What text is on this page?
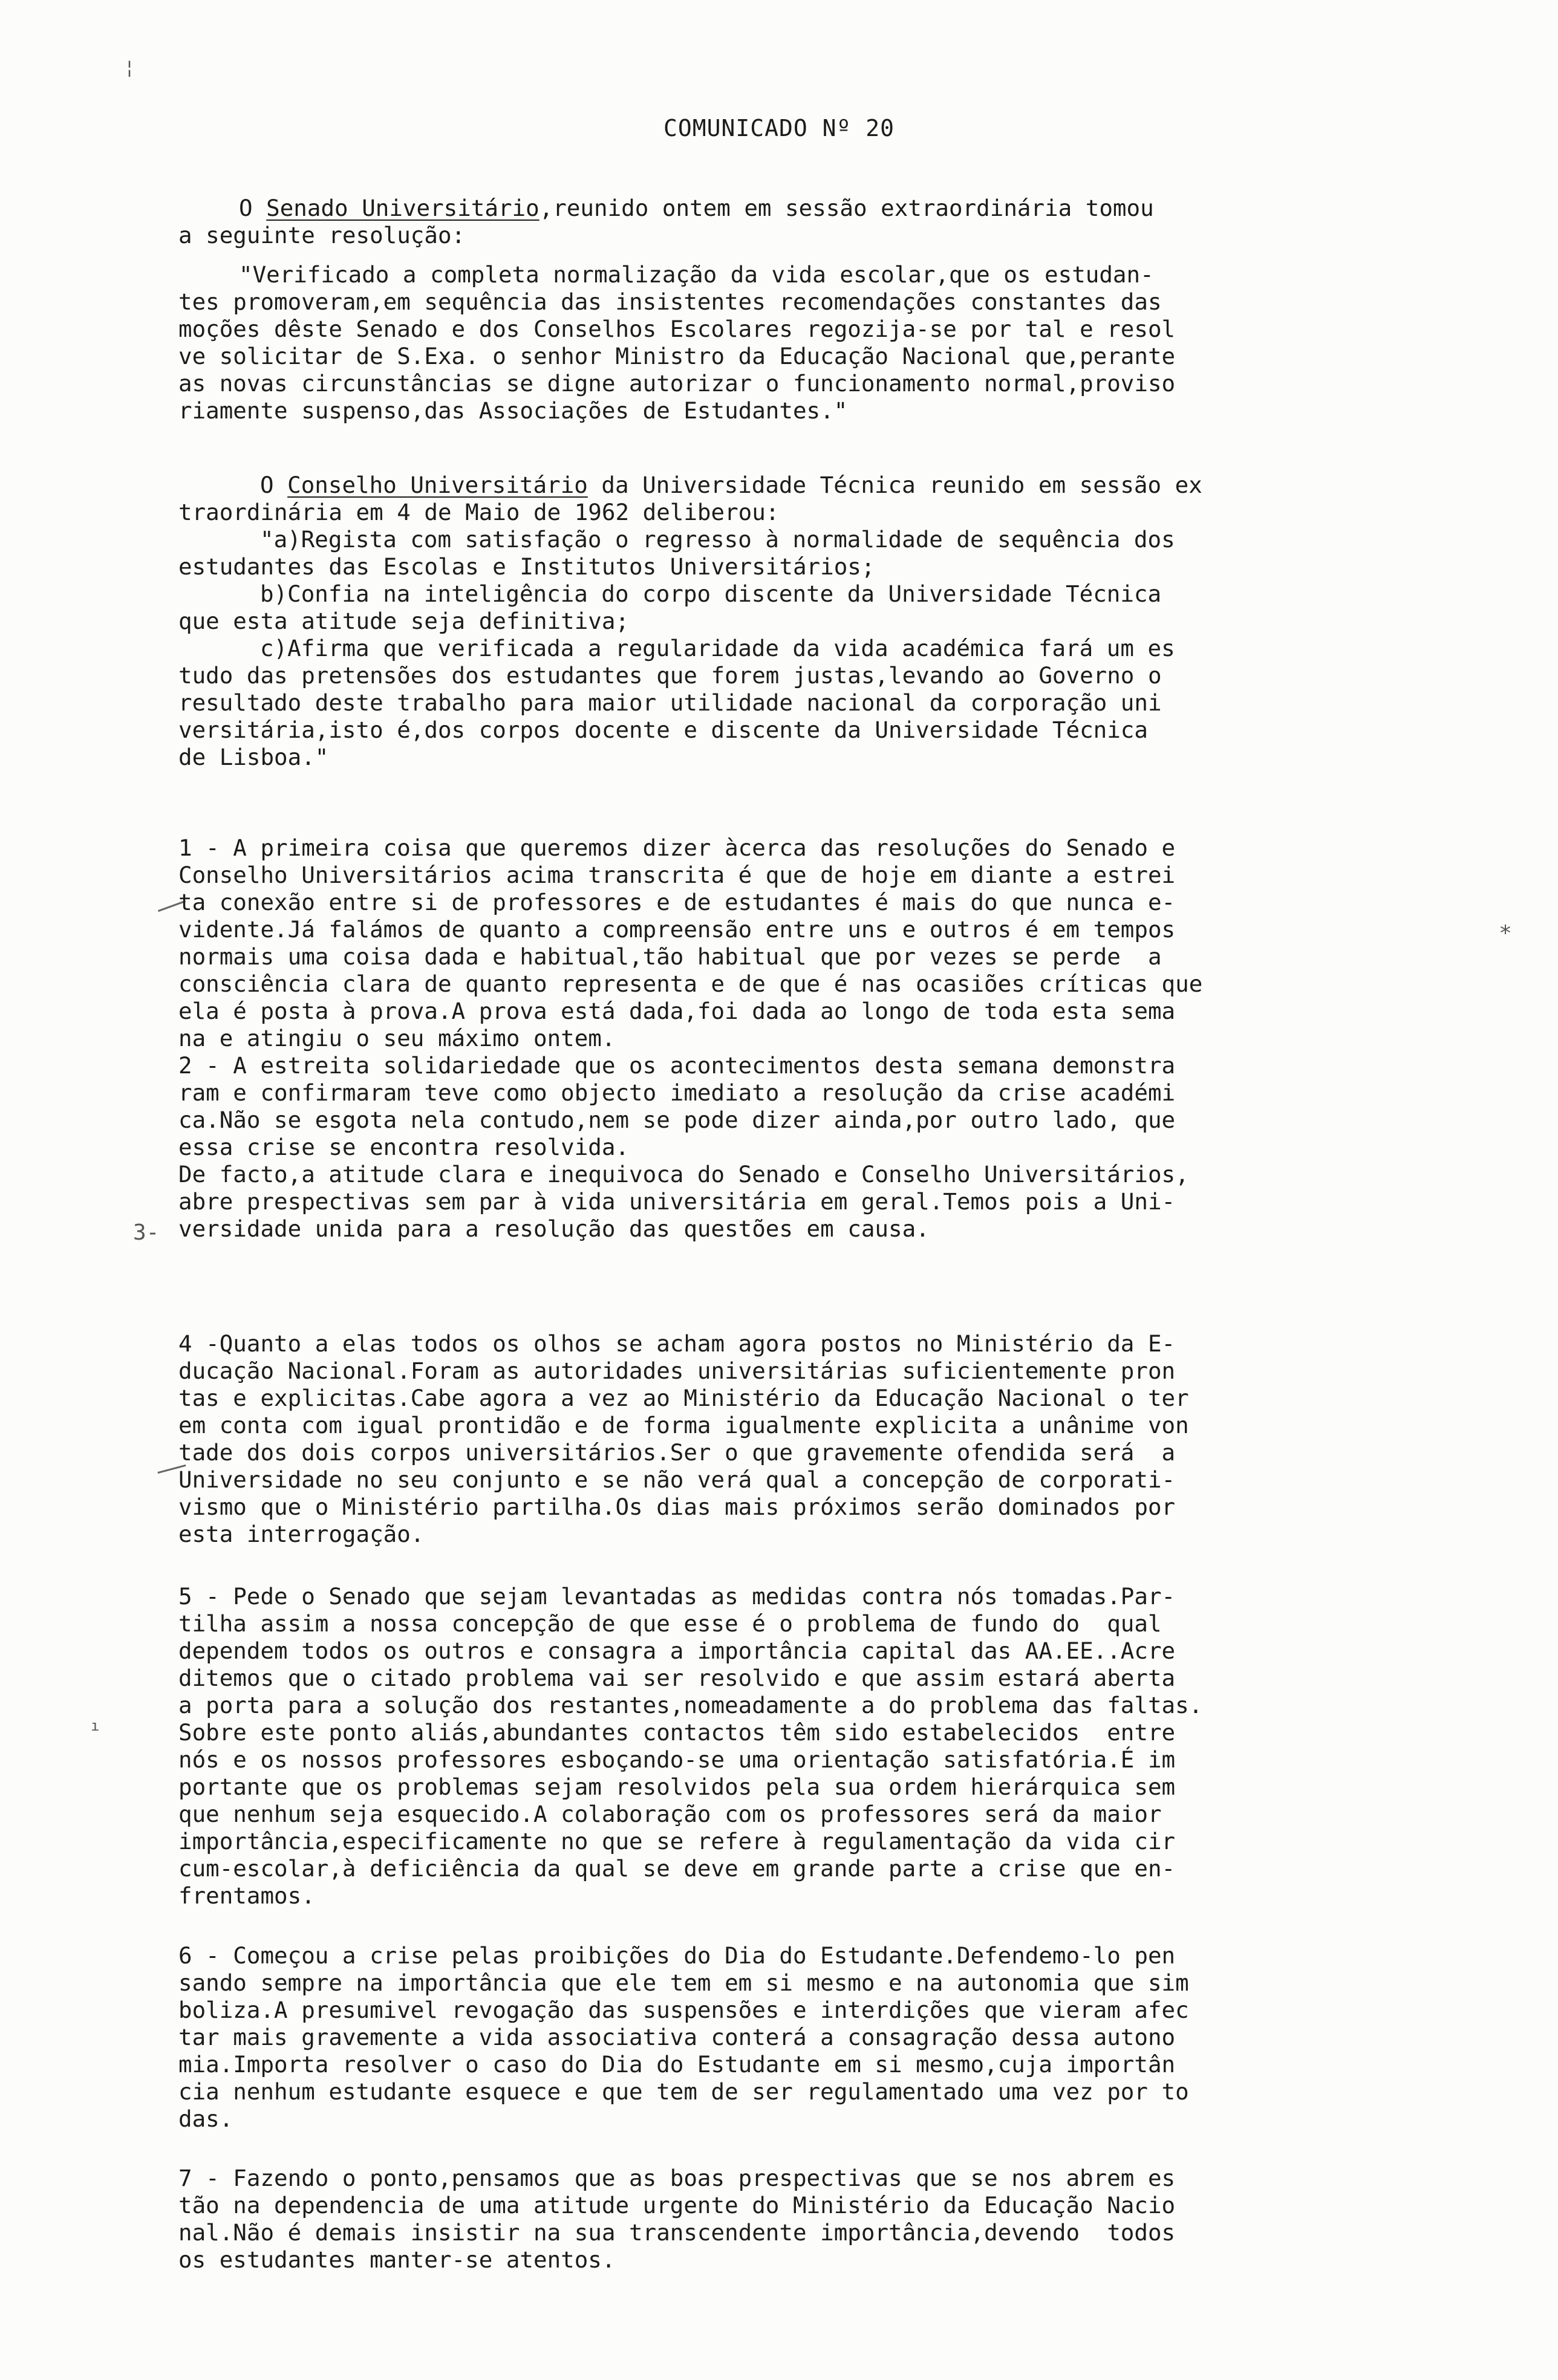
¦
3-
⁎
ı
COMUNICADO Nº 20
O Senado Universitário,reunido ontem em sessão extraordinária tomou
a seguinte resolução:
"Verificado a completa normalização da vida escolar,que os estudan-
tes promoveram,em sequência das insistentes recomendações constantes das
moções dêste Senado e dos Conselhos Escolares regozija-se por tal e resol
ve solicitar de S.Exa. o senhor Ministro da Educação Nacional que,perante
as novas circunstâncias se digne autorizar o funcionamento normal,proviso
riamente suspenso,das Associações de Estudantes."
O Conselho Universitário da Universidade Técnica reunido em sessão ex
traordinária em 4 de Maio de 1962 deliberou:
"a)Regista com satisfação o regresso à normalidade de sequência dos
estudantes das Escolas e Institutos Universitários;
b)Confia na inteligência do corpo discente da Universidade Técnica
que esta atitude seja definitiva;
c)Afirma que verificada a regularidade da vida académica fará um es
tudo das pretensões dos estudantes que forem justas,levando ao Governo o
resultado deste trabalho para maior utilidade nacional da corporação uni
versitária,isto é,dos corpos docente e discente da Universidade Técnica
de Lisboa."
1 - A primeira coisa que queremos dizer àcerca das resoluções do Senado e
Conselho Universitários acima transcrita é que de hoje em diante a estrei
ta conexão entre si de professores e de estudantes é mais do que nunca e-
vidente.Já falámos de quanto a compreensão entre uns e outros é em tempos
normais uma coisa dada e habitual,tão habitual que por vezes se perde  a
consciência clara de quanto representa e de que é nas ocasiões críticas que
ela é posta à prova.A prova está dada,foi dada ao longo de toda esta sema
na e atingiu o seu máximo ontem.
2 - A estreita solidariedade que os acontecimentos desta semana demonstra
ram e confirmaram teve como objecto imediato a resolução da crise académi
ca.Não se esgota nela contudo,nem se pode dizer ainda,por outro lado, que
essa crise se encontra resolvida.
De facto,a atitude clara e inequivoca do Senado e Conselho Universitários,
abre prespectivas sem par à vida universitária em geral.Temos pois a Uni-
versidade unida para a resolução das questões em causa.
4 -Quanto a elas todos os olhos se acham agora postos no Ministério da E-
ducação Nacional.Foram as autoridades universitárias suficientemente pron
tas e explicitas.Cabe agora a vez ao Ministério da Educação Nacional o ter
em conta com igual prontidão e de forma igualmente explicita a unânime von
tade dos dois corpos universitários.Ser o que gravemente ofendida será  a
Universidade no seu conjunto e se não verá qual a concepção de corporati-
vismo que o Ministério partilha.Os dias mais próximos serão dominados por
esta interrogação.
5 - Pede o Senado que sejam levantadas as medidas contra nós tomadas.Par-
tilha assim a nossa concepção de que esse é o problema de fundo do  qual
dependem todos os outros e consagra a importância capital das AA.EE..Acre
ditemos que o citado problema vai ser resolvido e que assim estará aberta
a porta para a solução dos restantes,nomeadamente a do problema das faltas.
Sobre este ponto aliás,abundantes contactos têm sido estabelecidos  entre
nós e os nossos professores esboçando-se uma orientação satisfatória.É im
portante que os problemas sejam resolvidos pela sua ordem hierárquica sem
que nenhum seja esquecido.A colaboração com os professores será da maior
importância,especificamente no que se refere à regulamentação da vida cir
cum-escolar,à deficiência da qual se deve em grande parte a crise que en-
frentamos.
6 - Começou a crise pelas proibições do Dia do Estudante.Defendemo-lo pen
sando sempre na importância que ele tem em si mesmo e na autonomia que sim
boliza.A presumivel revogação das suspensões e interdições que vieram afec
tar mais gravemente a vida associativa conterá a consagração dessa autono
mia.Importa resolver o caso do Dia do Estudante em si mesmo,cuja importân
cia nenhum estudante esquece e que tem de ser regulamentado uma vez por to
das.
7 - Fazendo o ponto,pensamos que as boas prespectivas que se nos abrem es
tão na dependencia de uma atitude urgente do Ministério da Educação Nacio
nal.Não é demais insistir na sua transcendente importância,devendo  todos
os estudantes manter-se atentos.
